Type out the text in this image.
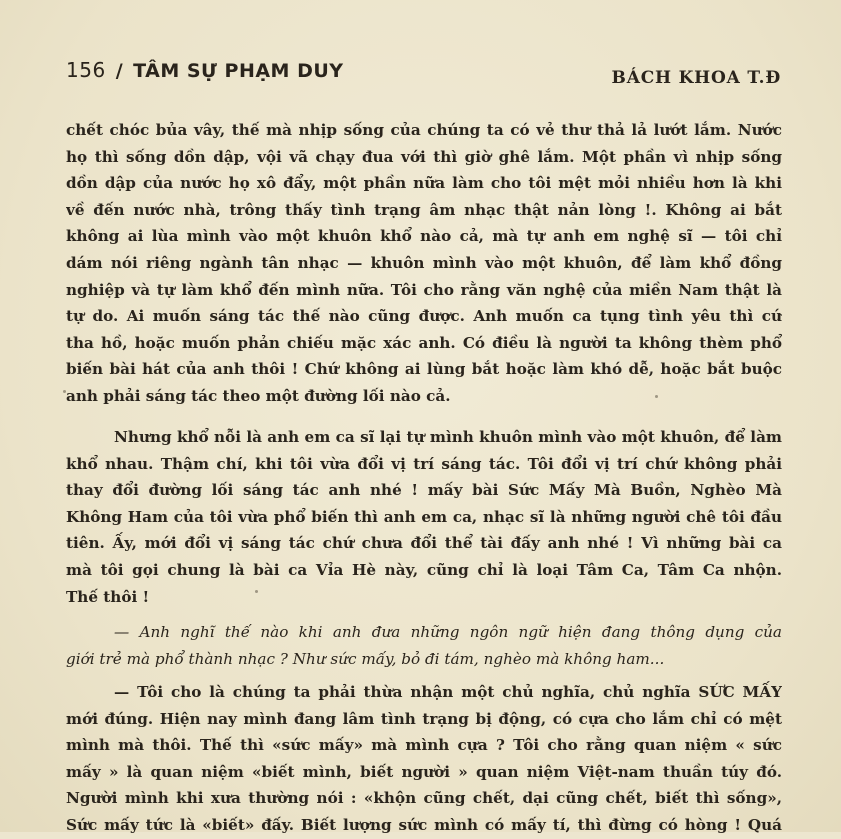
156 / TÂM SỰ PHẠM DUY	BÁCH KHOA T.Đ
chết chóc bủa vây, thế mà nhịp sống của chúng ta có vẻ thư thả lả lướt lắm. Nước
họ thì sống dồn dập, vội vã chạy đua với thì giờ ghê lắm. Một phần vì nhịp sống
dồn dập của nước họ xô đẩy, một phần nữa làm cho tôi mệt mỏi nhiều hơn là khi
về đến nước nhà, trông thấy tình trạng âm nhạc thật nản lòng !. Không ai bắt
không ai lùa mình vào một khuôn khổ nào cả, mà tự anh em nghệ sĩ — tôi chỉ
dám nói riêng ngành tân nhạc — khuôn mình vào một khuôn, để làm khổ đồng
nghiệp và tự làm khổ đến mình nữa. Tôi cho rằng văn nghệ của miền Nam thật là
tự do. Ai muốn sáng tác thế nào cũng được. Anh muốn ca tụng tình yêu thì cứ
tha hồ, hoặc muốn phản chiếu mặc xác anh. Có điều là người ta không thèm phổ
biến bài hát của anh thôi ! Chứ không ai lùng bắt hoặc làm khó dễ, hoặc bắt buộc
anh phải sáng tác theo một đường lối nào cả.
Nhưng khổ nỗi là anh em ca sĩ lại tự mình khuôn mình vào một khuôn, để làm
khổ nhau. Thậm chí, khi tôi vừa đổi vị trí sáng tác. Tôi đổi vị trí chứ không phải
thay đổi đường lối sáng tác anh nhé ! mấy bài Sức Mấy Mà Buồn, Nghèo Mà
Không Ham của tôi vừa phổ biến thì anh em ca, nhạc sĩ là những người chê tôi đầu
tiên. Ấy, mới đổi vị sáng tác chứ chưa đổi thể tài đấy anh nhé ! Vì những bài ca
mà tôi gọi chung là bài ca Vỉa Hè này, cũng chỉ là loại Tâm Ca, Tâm Ca nhộn.
Thế thôi !
— Anh nghĩ thế nào khi anh đưa những ngôn ngữ hiện đang thông dụng của
giới trẻ mà phổ thành nhạc ? Như sức mấy, bỏ đi tám, nghèo mà không ham...
— Tôi cho là chúng ta phải thừa nhận một chủ nghĩa, chủ nghĩa SỨC MẤY
mới đúng. Hiện nay mình đang lâm tình trạng bị động, có cựa cho lắm chỉ có mệt
mình mà thôi. Thế thì «sức mấy» mà mình cựa ? Tôi cho rằng quan niệm « sức
mấy » là quan niệm «biết mình, biết người » quan niệm Việt-nam thuần túy đó.
Người mình khi xưa thường nói : «khộn cũng chết, dại cũng chết, biết thì sống»,
Sức mấy tức là «biết» đấy. Biết lượng sức mình có mấy tí, thì đừng có hòng ! Quá
